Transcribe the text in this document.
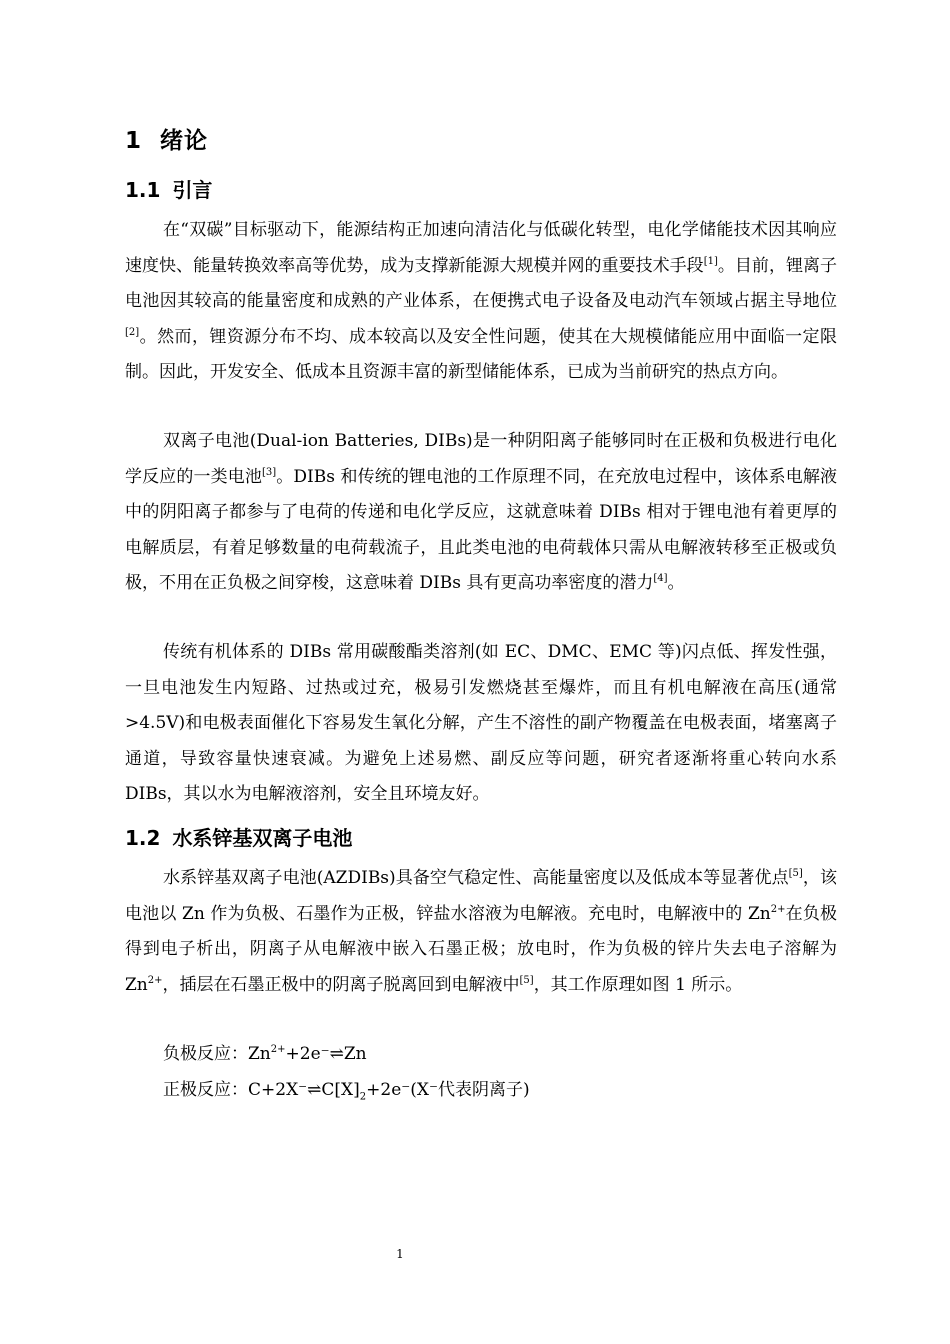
1 绪论
1.1 引言

在“双碳”目标驱动下，能源结构正加速向清洁化与低碳化转型，电化学储能技术因其响应速度快、能量转换效率高等优势，成为支撑新能源大规模并网的重要技术手段[1]。目前，锂离子电池因其较高的能量密度和成熟的产业体系，在便携式电子设备及电动汽车领域占据主导地位[2]。然而，锂资源分布不均、成本较高以及安全性问题，使其在大规模储能应用中面临一定限制。因此，开发安全、低成本且资源丰富的新型储能体系，已成为当前研究的热点方向。

双离子电池(Dual-ion Batteries, DIBs)是一种阴阳离子能够同时在正极和负极进行电化学反应的一类电池[3]。DIBs 和传统的锂电池的工作原理不同，在充放电过程中，该体系电解液中的阴阳离子都参与了电荷的传递和电化学反应，这就意味着 DIBs 相对于锂电池有着更厚的电解质层，有着足够数量的电荷载流子，且此类电池的电荷载体只需从电解液转移至正极或负极，不用在正负极之间穿梭，这意味着 DIBs 具有更高功率密度的潜力[4]。

传统有机体系的 DIBs 常用碳酸酯类溶剂(如 EC、DMC、EMC 等)闪点低、挥发性强，一旦电池发生内短路、过热或过充，极易引发燃烧甚至爆炸，而且有机电解液在高压(通常>4.5V)和电极表面催化下容易发生氧化分解，产生不溶性的副产物覆盖在电极表面，堵塞离子通道，导致容量快速衰减。为避免上述易燃、副反应等问题，研究者逐渐将重心转向水系 DIBs，其以水为电解液溶剂，安全且环境友好。

1.2 水系锌基双离子电池

水系锌基双离子电池(AZDIBs)具备空气稳定性、高能量密度以及低成本等显著优点[5]，该电池以 Zn 作为负极、石墨作为正极，锌盐水溶液为电解液。充电时，电解液中的 $Zn^{2+}$在负极得到电子析出，阴离子从电解液中嵌入石墨正极；放电时，作为负极的锌片失去电子溶解为 $Zn^{2+}$，插层在石墨正极中的阴离子脱离回到电解液中[5]，其工作原理如图 1 所示。

负极反应：$Zn^{2+}+2e^-\rightleftharpoons Zn$

正极反应：$C+2X^-\rightleftharpoons C[X]_2+2e^-(X^-$代表阴离子)

1
